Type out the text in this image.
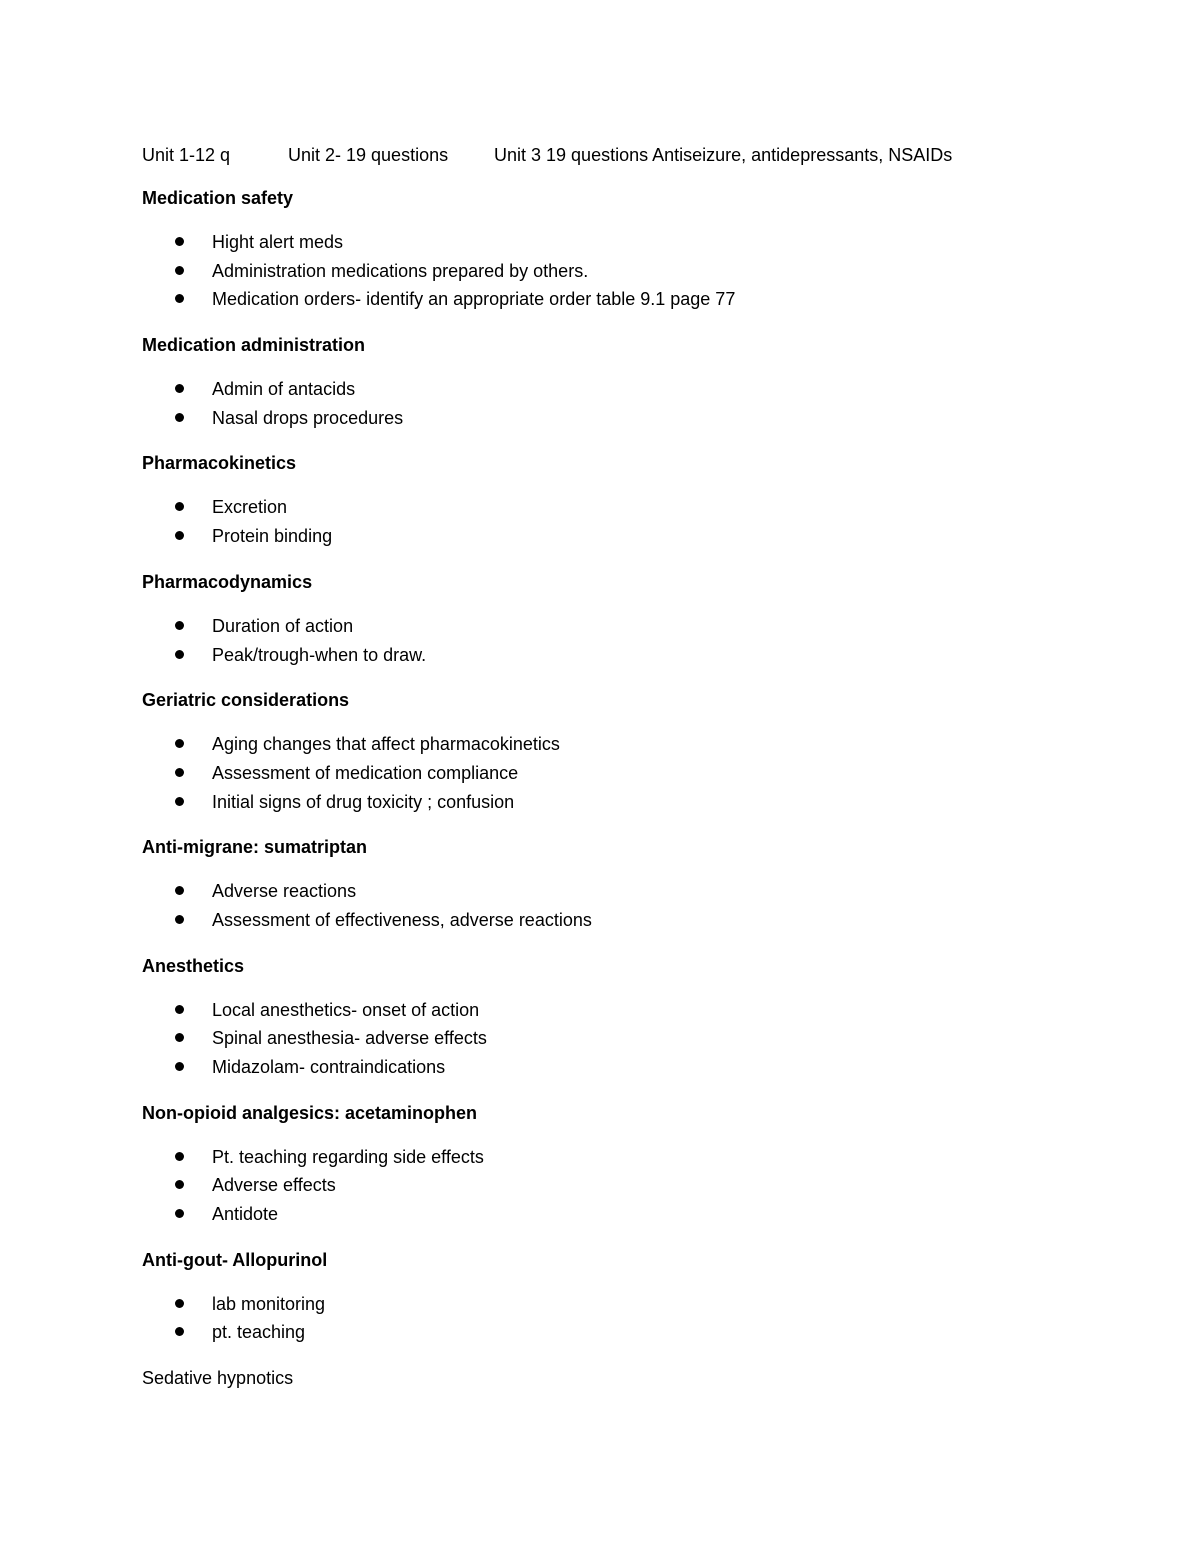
Unit 1-12 q	Unit 2- 19 questions	Unit 3 19 questions Antiseizure, antidepressants, NSAIDs
Medication safety
Hight alert meds
Administration medications prepared by others.
Medication orders- identify an appropriate order table 9.1 page 77
Medication administration
Admin of antacids
Nasal drops procedures
Pharmacokinetics
Excretion
Protein binding
Pharmacodynamics
Duration of action
Peak/trough-when to draw.
Geriatric considerations
Aging changes that affect pharmacokinetics
Assessment of medication compliance
Initial signs of drug toxicity ; confusion
Anti-migrane: sumatriptan
Adverse reactions
Assessment of effectiveness, adverse reactions
Anesthetics
Local anesthetics- onset of action
Spinal anesthesia- adverse effects
Midazolam- contraindications
Non-opioid analgesics: acetaminophen
Pt. teaching regarding side effects
Adverse effects
Antidote
Anti-gout- Allopurinol
lab monitoring
pt. teaching
Sedative hypnotics
